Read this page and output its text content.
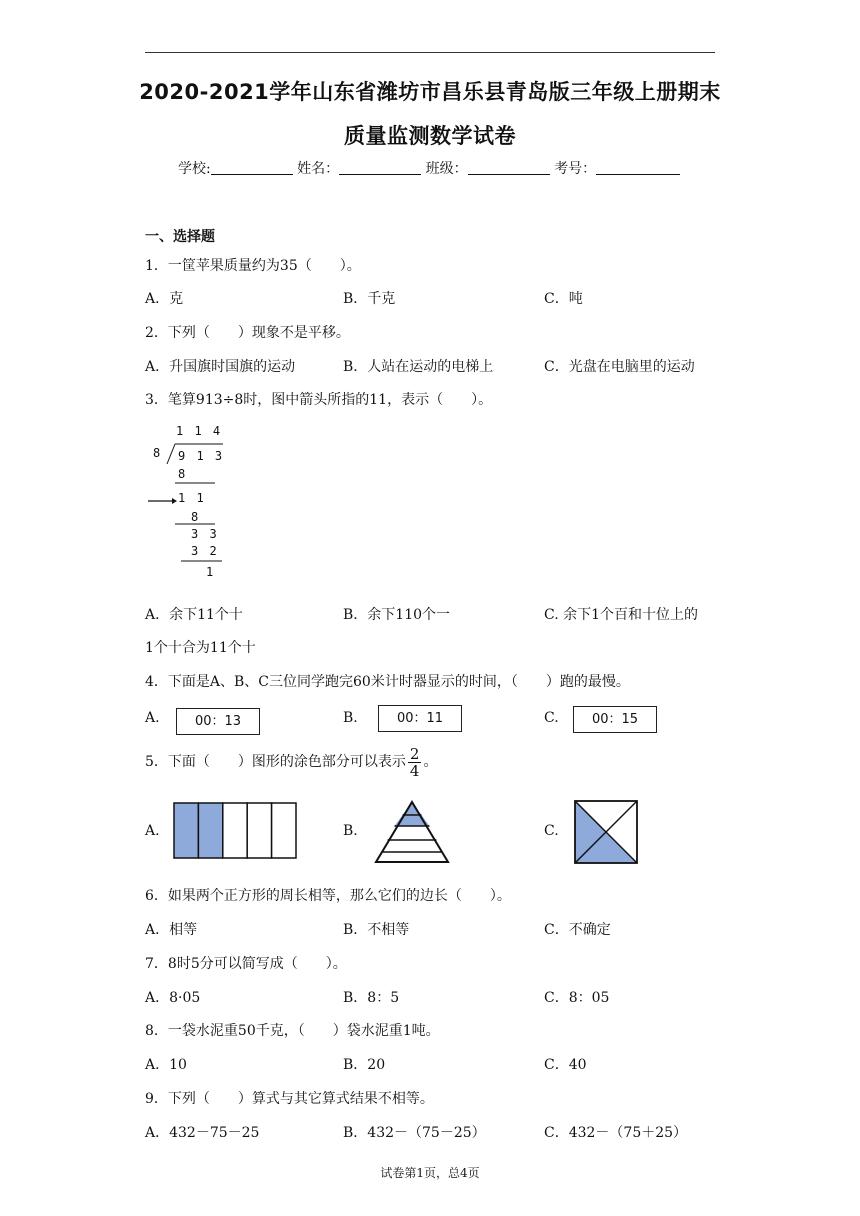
2020-2021学年山东省潍坊市昌乐县青岛版三年级上册期末
质量监测数学试卷
学校:	姓名：	班级：	考号：
一、选择题
1．一筐苹果质量约为35（　　）。
A．克	B．千克	C．吨
2．下列（　　）现象不是平移。
A．升国旗时国旗的运动	B．人站在运动的电梯上	C．光盘在电脑里的运动
3．笔算913÷8时，图中箭头所指的11，表示（　　）。
1 1 4
8 9 1 3
8
1 1
8
3 3
3 2
1
A．余下11个十	B．余下110个一	C. 余下1个百和十位上的
1个十合为11个十
4．下面是A、B、C三位同学跑完60米计时器显示的时间，（　　）跑的最慢。
A.	00：13	B.	00：11	C.	00：15
5．下面（　　）图形的涂色部分可以表示 $\frac{2}{4}$ 。
A.	B.	C.
6．如果两个正方形的周长相等，那么它们的边长（　　）。
A．相等	B．不相等	C．不确定
7．8时5分可以简写成（　　）。
A．8·05	B．8：5	C．8：05
8．一袋水泥重50千克，（　　）袋水泥重1吨。
A．10	B．20	C．40
9．下列（　　）算式与其它算式结果不相等。
A．432－75－25	B．432－（75－25）	C．432－（75＋25）
试卷第1页，总4页
